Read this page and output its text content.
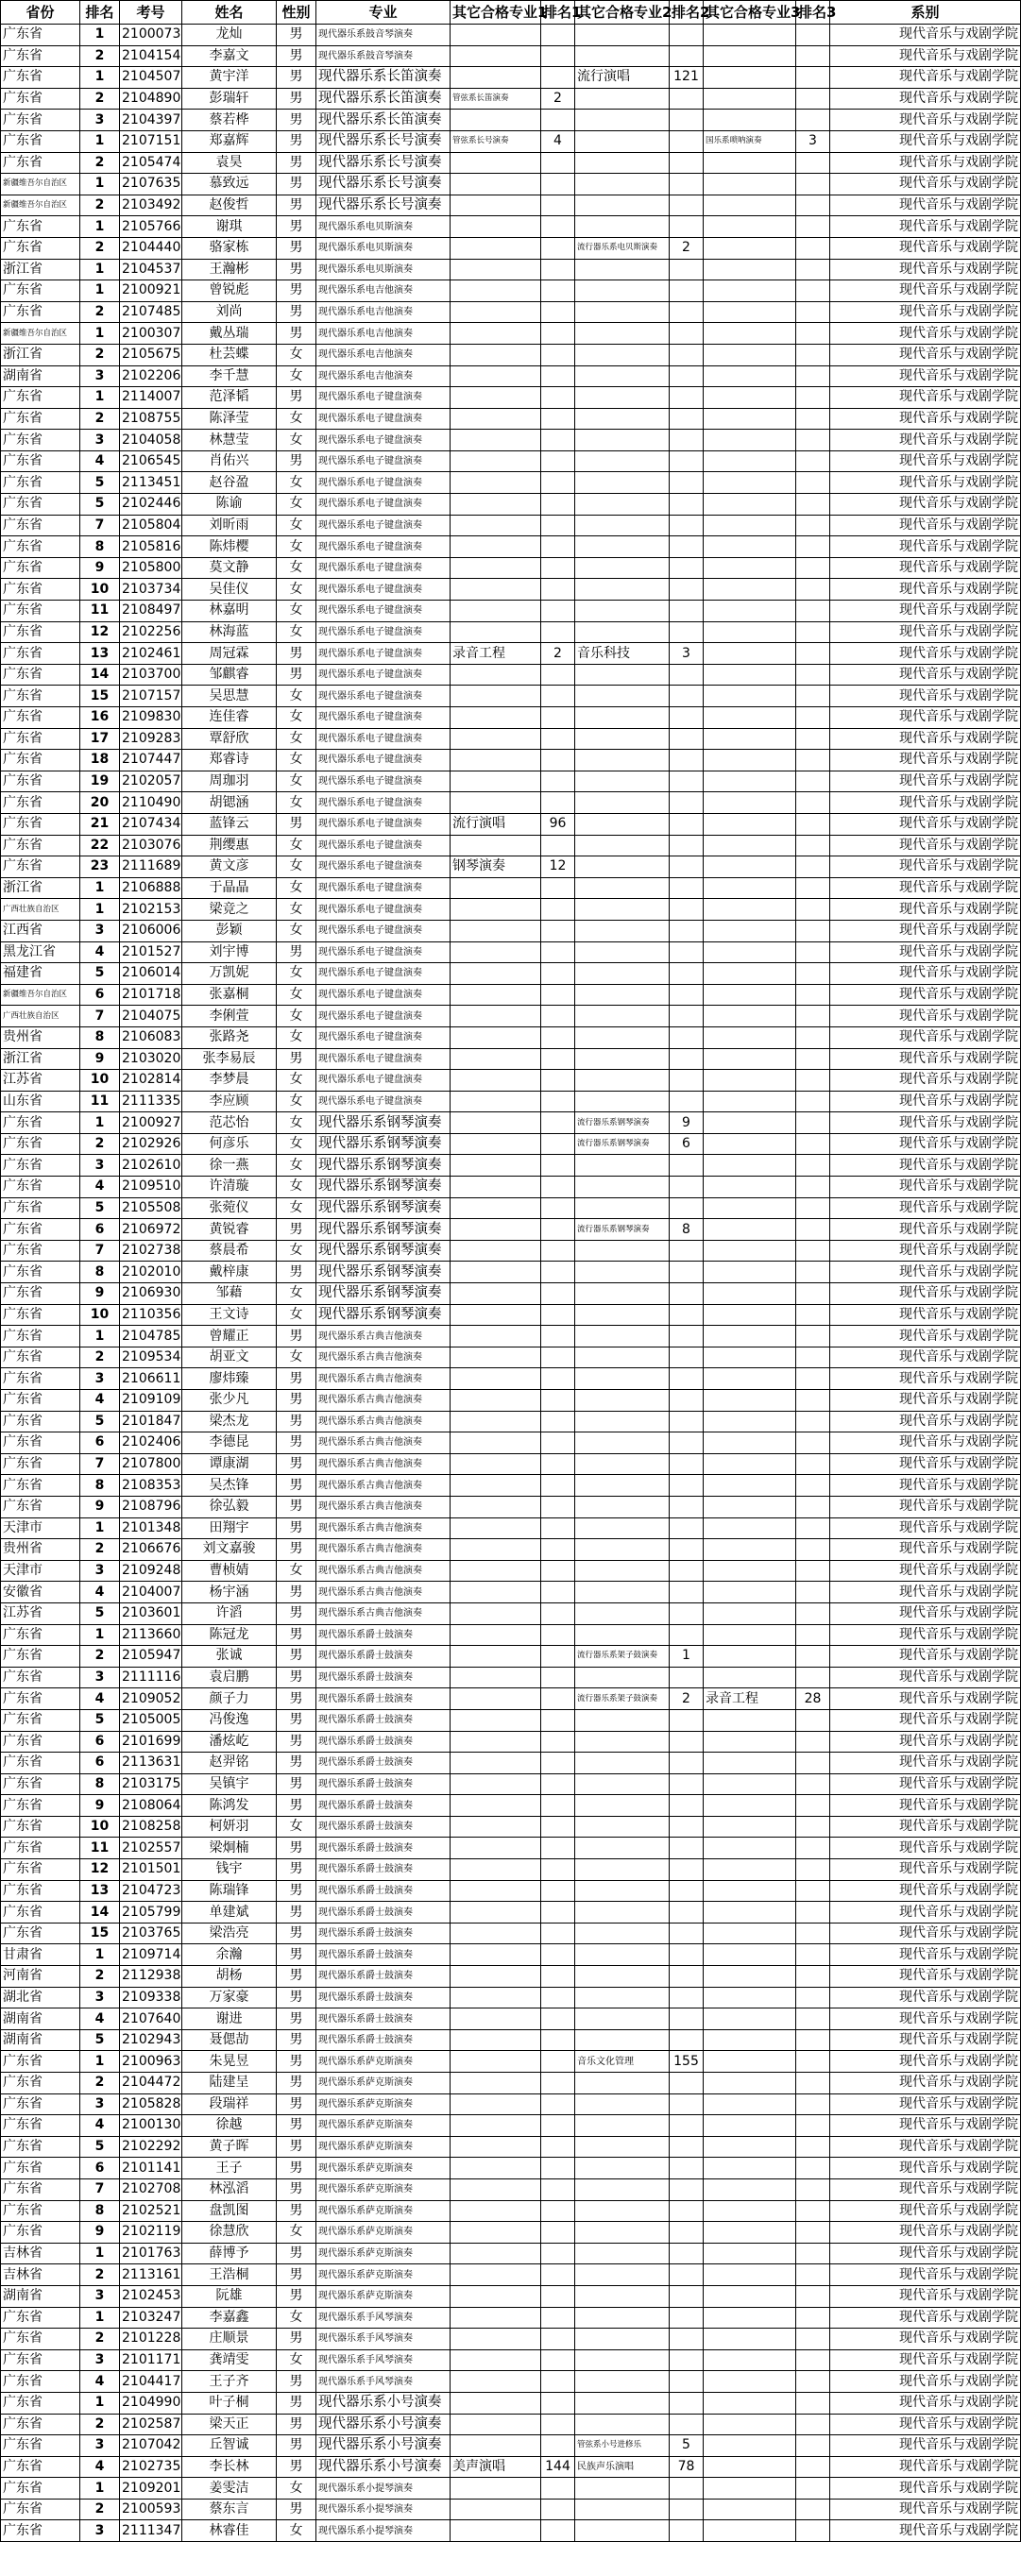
省份	排名	考号	姓名	性别	专业	其它合格专业1	排名1	其它合格专业2	排名2	其它合格专业3	排名3	系别
广东省	1	2100073	龙灿	男	现代器乐系鼓音琴演奏							现代音乐与戏剧学院
广东省	2	2104154	李嘉文	男	现代器乐系鼓音琴演奏							现代音乐与戏剧学院
广东省	1	2104507	黄宇洋	男	现代器乐系长笛演奏			流行演唱	121			现代音乐与戏剧学院
广东省	2	2104890	彭瑞轩	男	现代器乐系长笛演奏	管弦系长笛演奏	2					现代音乐与戏剧学院
广东省	3	2104397	蔡若桦	男	现代器乐系长笛演奏							现代音乐与戏剧学院
广东省	1	2107151	郑嘉辉	男	现代器乐系长号演奏	管弦系长号演奏	4			国乐系唢呐演奏	3	现代音乐与戏剧学院
广东省	2	2105474	袁昊	男	现代器乐系长号演奏							现代音乐与戏剧学院
新疆维吾尔自治区	1	2107635	慕致远	男	现代器乐系长号演奏							现代音乐与戏剧学院
新疆维吾尔自治区	2	2103492	赵俊哲	男	现代器乐系长号演奏							现代音乐与戏剧学院
广东省	1	2105766	谢琪	男	现代器乐系电贝斯演奏							现代音乐与戏剧学院
广东省	2	2104440	骆家栋	男	现代器乐系电贝斯演奏			流行器乐系电贝斯演奏	2			现代音乐与戏剧学院
浙江省	1	2104537	王瀚彬	男	现代器乐系电贝斯演奏							现代音乐与戏剧学院
广东省	1	2100921	曾锐彪	男	现代器乐系电吉他演奏							现代音乐与戏剧学院
广东省	2	2107485	刘尚	男	现代器乐系电吉他演奏							现代音乐与戏剧学院
新疆维吾尔自治区	1	2100307	戴丛瑞	男	现代器乐系电吉他演奏							现代音乐与戏剧学院
浙江省	2	2105675	杜芸蝶	女	现代器乐系电吉他演奏							现代音乐与戏剧学院
湖南省	3	2102206	李千慧	女	现代器乐系电吉他演奏							现代音乐与戏剧学院
广东省	1	2114007	范泽韬	男	现代器乐系电子键盘演奏							现代音乐与戏剧学院
广东省	2	2108755	陈泽莹	女	现代器乐系电子键盘演奏							现代音乐与戏剧学院
广东省	3	2104058	林慧莹	女	现代器乐系电子键盘演奏							现代音乐与戏剧学院
广东省	4	2106545	肖佑兴	男	现代器乐系电子键盘演奏							现代音乐与戏剧学院
广东省	5	2113451	赵谷盈	女	现代器乐系电子键盘演奏							现代音乐与戏剧学院
广东省	5	2102446	陈谕	女	现代器乐系电子键盘演奏							现代音乐与戏剧学院
广东省	7	2105804	刘昕雨	女	现代器乐系电子键盘演奏							现代音乐与戏剧学院
广东省	8	2105816	陈炜樱	女	现代器乐系电子键盘演奏							现代音乐与戏剧学院
广东省	9	2105800	莫文静	女	现代器乐系电子键盘演奏							现代音乐与戏剧学院
广东省	10	2103734	吴佳仪	女	现代器乐系电子键盘演奏							现代音乐与戏剧学院
广东省	11	2108497	林嘉明	女	现代器乐系电子键盘演奏							现代音乐与戏剧学院
广东省	12	2102256	林海蓝	女	现代器乐系电子键盘演奏							现代音乐与戏剧学院
广东省	13	2102461	周冠霖	男	现代器乐系电子键盘演奏	录音工程	2	音乐科技	3			现代音乐与戏剧学院
广东省	14	2103700	邹麒睿	男	现代器乐系电子键盘演奏							现代音乐与戏剧学院
广东省	15	2107157	吴思慧	女	现代器乐系电子键盘演奏							现代音乐与戏剧学院
广东省	16	2109830	连佳睿	女	现代器乐系电子键盘演奏							现代音乐与戏剧学院
广东省	17	2109283	覃舒欣	女	现代器乐系电子键盘演奏							现代音乐与戏剧学院
广东省	18	2107447	郑睿诗	女	现代器乐系电子键盘演奏							现代音乐与戏剧学院
广东省	19	2102057	周珈羽	女	现代器乐系电子键盘演奏							现代音乐与戏剧学院
广东省	20	2110490	胡锶涵	女	现代器乐系电子键盘演奏							现代音乐与戏剧学院
广东省	21	2107434	蓝锋云	男	现代器乐系电子键盘演奏	流行演唱	96					现代音乐与戏剧学院
广东省	22	2103076	荆缨惠	女	现代器乐系电子键盘演奏							现代音乐与戏剧学院
广东省	23	2111689	黄文彦	女	现代器乐系电子键盘演奏	钢琴演奏	12					现代音乐与戏剧学院
浙江省	1	2106888	于晶晶	女	现代器乐系电子键盘演奏							现代音乐与戏剧学院
广西壮族自治区	1	2102153	梁竞之	女	现代器乐系电子键盘演奏							现代音乐与戏剧学院
江西省	3	2106006	彭颖	女	现代器乐系电子键盘演奏							现代音乐与戏剧学院
黑龙江省	4	2101527	刘宇博	男	现代器乐系电子键盘演奏							现代音乐与戏剧学院
福建省	5	2106014	万凯妮	女	现代器乐系电子键盘演奏							现代音乐与戏剧学院
新疆维吾尔自治区	6	2101718	张嘉桐	女	现代器乐系电子键盘演奏							现代音乐与戏剧学院
广西壮族自治区	7	2104075	李俐萱	女	现代器乐系电子键盘演奏							现代音乐与戏剧学院
贵州省	8	2106083	张路尧	女	现代器乐系电子键盘演奏							现代音乐与戏剧学院
浙江省	9	2103020	张李易辰	男	现代器乐系电子键盘演奏							现代音乐与戏剧学院
江苏省	10	2102814	李梦晨	女	现代器乐系电子键盘演奏							现代音乐与戏剧学院
山东省	11	2111335	李应顾	女	现代器乐系电子键盘演奏							现代音乐与戏剧学院
广东省	1	2100927	范芯怡	女	现代器乐系钢琴演奏			流行器乐系钢琴演奏	9			现代音乐与戏剧学院
广东省	2	2102926	何彦乐	女	现代器乐系钢琴演奏			流行器乐系钢琴演奏	6			现代音乐与戏剧学院
广东省	3	2102610	徐一燕	女	现代器乐系钢琴演奏							现代音乐与戏剧学院
广东省	4	2109510	许清璇	女	现代器乐系钢琴演奏							现代音乐与戏剧学院
广东省	5	2105508	张菀仪	女	现代器乐系钢琴演奏							现代音乐与戏剧学院
广东省	6	2106972	黄锐睿	男	现代器乐系钢琴演奏			流行器乐系钢琴演奏	8			现代音乐与戏剧学院
广东省	7	2102738	蔡晨希	女	现代器乐系钢琴演奏							现代音乐与戏剧学院
广东省	8	2102010	戴梓康	男	现代器乐系钢琴演奏							现代音乐与戏剧学院
广东省	9	2106930	邹藉	女	现代器乐系钢琴演奏							现代音乐与戏剧学院
广东省	10	2110356	王文诗	女	现代器乐系钢琴演奏							现代音乐与戏剧学院
广东省	1	2104785	曾耀正	男	现代器乐系古典吉他演奏							现代音乐与戏剧学院
广东省	2	2109534	胡亚文	女	现代器乐系古典吉他演奏							现代音乐与戏剧学院
广东省	3	2106611	廖炜臻	男	现代器乐系古典吉他演奏							现代音乐与戏剧学院
广东省	4	2109109	张少凡	男	现代器乐系古典吉他演奏							现代音乐与戏剧学院
广东省	5	2101847	梁杰龙	男	现代器乐系古典吉他演奏							现代音乐与戏剧学院
广东省	6	2102406	李德昆	男	现代器乐系古典吉他演奏							现代音乐与戏剧学院
广东省	7	2107800	谭康湖	男	现代器乐系古典吉他演奏							现代音乐与戏剧学院
广东省	8	2108353	吴杰锋	男	现代器乐系古典吉他演奏							现代音乐与戏剧学院
广东省	9	2108796	徐弘毅	男	现代器乐系古典吉他演奏							现代音乐与戏剧学院
天津市	1	2101348	田翔宇	男	现代器乐系古典吉他演奏							现代音乐与戏剧学院
贵州省	2	2106676	刘文嘉骏	男	现代器乐系古典吉他演奏							现代音乐与戏剧学院
天津市	3	2109248	曹桢婧	女	现代器乐系古典吉他演奏							现代音乐与戏剧学院
安徽省	4	2104007	杨宇涵	男	现代器乐系古典吉他演奏							现代音乐与戏剧学院
江苏省	5	2103601	许滔	男	现代器乐系古典吉他演奏							现代音乐与戏剧学院
广东省	1	2113660	陈冠龙	男	现代器乐系爵士鼓演奏							现代音乐与戏剧学院
广东省	2	2105947	张诚	男	现代器乐系爵士鼓演奏			流行器乐系架子鼓演奏	1			现代音乐与戏剧学院
广东省	3	2111116	袁启鹏	男	现代器乐系爵士鼓演奏							现代音乐与戏剧学院
广东省	4	2109052	颜子力	男	现代器乐系爵士鼓演奏			流行器乐系架子鼓演奏	2	录音工程	28	现代音乐与戏剧学院
广东省	5	2105005	冯俊逸	男	现代器乐系爵士鼓演奏							现代音乐与戏剧学院
广东省	6	2101699	潘炫屹	男	现代器乐系爵士鼓演奏							现代音乐与戏剧学院
广东省	6	2113631	赵羿铭	男	现代器乐系爵士鼓演奏							现代音乐与戏剧学院
广东省	8	2103175	吴镇宇	男	现代器乐系爵士鼓演奏							现代音乐与戏剧学院
广东省	9	2108064	陈鸿发	男	现代器乐系爵士鼓演奏							现代音乐与戏剧学院
广东省	10	2108258	柯妍羽	女	现代器乐系爵士鼓演奏							现代音乐与戏剧学院
广东省	11	2102557	梁炯楠	男	现代器乐系爵士鼓演奏							现代音乐与戏剧学院
广东省	12	2101501	钱宇	男	现代器乐系爵士鼓演奏							现代音乐与戏剧学院
广东省	13	2104723	陈瑞锋	男	现代器乐系爵士鼓演奏							现代音乐与戏剧学院
广东省	14	2105799	单建斌	男	现代器乐系爵士鼓演奏							现代音乐与戏剧学院
广东省	15	2103765	梁浩亮	男	现代器乐系爵士鼓演奏							现代音乐与戏剧学院
甘肃省	1	2109714	余瀚	男	现代器乐系爵士鼓演奏							现代音乐与戏剧学院
河南省	2	2112938	胡杨	男	现代器乐系爵士鼓演奏							现代音乐与戏剧学院
湖北省	3	2109338	万家豪	男	现代器乐系爵士鼓演奏							现代音乐与戏剧学院
湖南省	4	2107640	谢进	男	现代器乐系爵士鼓演奏							现代音乐与戏剧学院
湖南省	5	2102943	聂偲劼	男	现代器乐系爵士鼓演奏							现代音乐与戏剧学院
广东省	1	2100963	朱晃昱	男	现代器乐系萨克斯演奏			音乐文化管理	155			现代音乐与戏剧学院
广东省	2	2104472	陆建呈	男	现代器乐系萨克斯演奏							现代音乐与戏剧学院
广东省	3	2105828	段瑞祥	男	现代器乐系萨克斯演奏							现代音乐与戏剧学院
广东省	4	2100130	徐越	男	现代器乐系萨克斯演奏							现代音乐与戏剧学院
广东省	5	2102292	黄子晖	男	现代器乐系萨克斯演奏							现代音乐与戏剧学院
广东省	6	2101141	王子	男	现代器乐系萨克斯演奏							现代音乐与戏剧学院
广东省	7	2102708	林泓滔	男	现代器乐系萨克斯演奏							现代音乐与戏剧学院
广东省	8	2102521	盘凯图	男	现代器乐系萨克斯演奏							现代音乐与戏剧学院
广东省	9	2102119	徐慧欣	女	现代器乐系萨克斯演奏							现代音乐与戏剧学院
吉林省	1	2101763	薛博予	男	现代器乐系萨克斯演奏							现代音乐与戏剧学院
吉林省	2	2113161	王浩桐	男	现代器乐系萨克斯演奏							现代音乐与戏剧学院
湖南省	3	2102453	阮雄	男	现代器乐系萨克斯演奏							现代音乐与戏剧学院
广东省	1	2103247	李嘉鑫	女	现代器乐系手风琴演奏							现代音乐与戏剧学院
广东省	2	2101228	庄顺景	男	现代器乐系手风琴演奏							现代音乐与戏剧学院
广东省	3	2101171	龚靖雯	女	现代器乐系手风琴演奏							现代音乐与戏剧学院
广东省	4	2104417	王子齐	男	现代器乐系手风琴演奏							现代音乐与戏剧学院
广东省	1	2104990	叶子桐	男	现代器乐系小号演奏							现代音乐与戏剧学院
广东省	2	2102587	梁天正	男	现代器乐系小号演奏							现代音乐与戏剧学院
广东省	3	2107042	丘智诚	男	现代器乐系小号演奏			管弦系小号进修乐	5			现代音乐与戏剧学院
广东省	4	2102735	李长林	男	现代器乐系小号演奏	美声演唱	144	民族声乐演唱	78			现代音乐与戏剧学院
广东省	1	2109201	姜雯洁	女	现代器乐系小提琴演奏							现代音乐与戏剧学院
广东省	2	2100593	蔡东言	男	现代器乐系小提琴演奏							现代音乐与戏剧学院
广东省	3	2111347	林睿佳	女	现代器乐系小提琴演奏							现代音乐与戏剧学院
